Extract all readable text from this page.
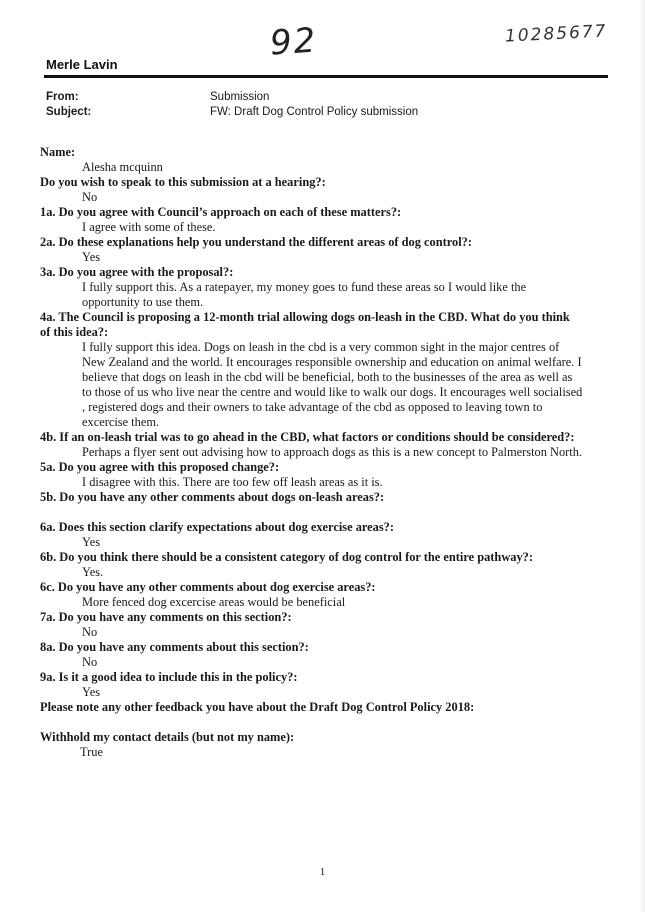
92	10285677
Merle Lavin
From:	Submission
Subject:	FW: Draft Dog Control Policy submission

Name:

Alesha mcquinn

Do you wish to speak to this submission at a hearing?:

No

1a. Do you agree with Council’s approach on each of these matters?:

I agree with some of these.

2a. Do these explanations help you understand the different areas of dog control?:

Yes

3a. Do you agree with the proposal?:

I fully support this. As a ratepayer, my money goes to fund these areas so I would like the

opportunity to use them.

4a. The Council is proposing a 12-month trial allowing dogs on-leash in the CBD. What do you think

of this idea?:

I fully support this idea. Dogs on leash in the cbd is a very common sight in the major centres of

New Zealand and the world. It encourages responsible ownership and education on animal welfare. I

believe that dogs on leash in the cbd will be beneficial, both to the businesses of the area as well as

to those of us who live near the centre and would like to walk our dogs. It encourages well socialised

, registered dogs and their owners to take advantage of the cbd as opposed to leaving town to

excercise them.

4b. If an on-leash trial was to go ahead in the CBD, what factors or conditions should be considered?:

Perhaps a flyer sent out advising how to approach dogs as this is a new concept to Palmerston North.

5a. Do you agree with this proposed change?:

I disagree with this. There are too few off leash areas as it is.

5b. Do you have any other comments about dogs on-leash areas?:

6a. Does this section clarify expectations about dog exercise areas?:

Yes

6b. Do you think there should be a consistent category of dog control for the entire pathway?:

Yes.

6c. Do you have any other comments about dog exercise areas?:

More fenced dog excercise areas would be beneficial

7a. Do you have any comments on this section?:

No

8a. Do you have any comments about this section?:

No

9a. Is it a good idea to include this in the policy?:

Yes

Please note any other feedback you have about the Draft Dog Control Policy 2018:

Withhold my contact details (but not my name):

True

1
